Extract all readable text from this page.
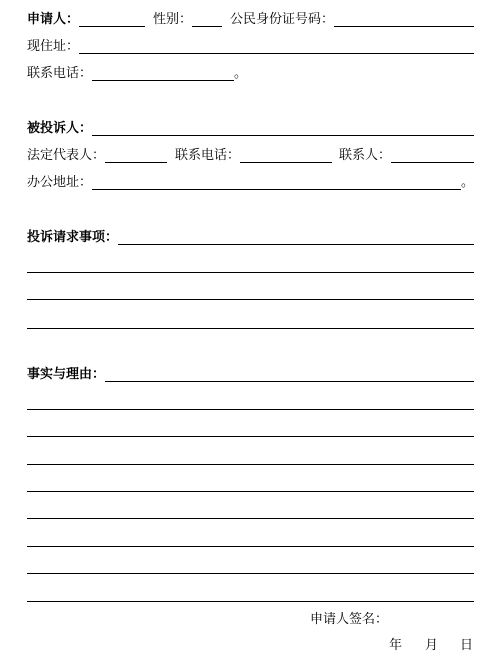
申请人：	性别：	公民身份证号码：
现住址：
联系电话：	。
被投诉人：
法定代表人：	联系电话：	联系人：
办公地址：	。
投诉请求事项：
事实与理由：
申请人签名：
年 月 日
